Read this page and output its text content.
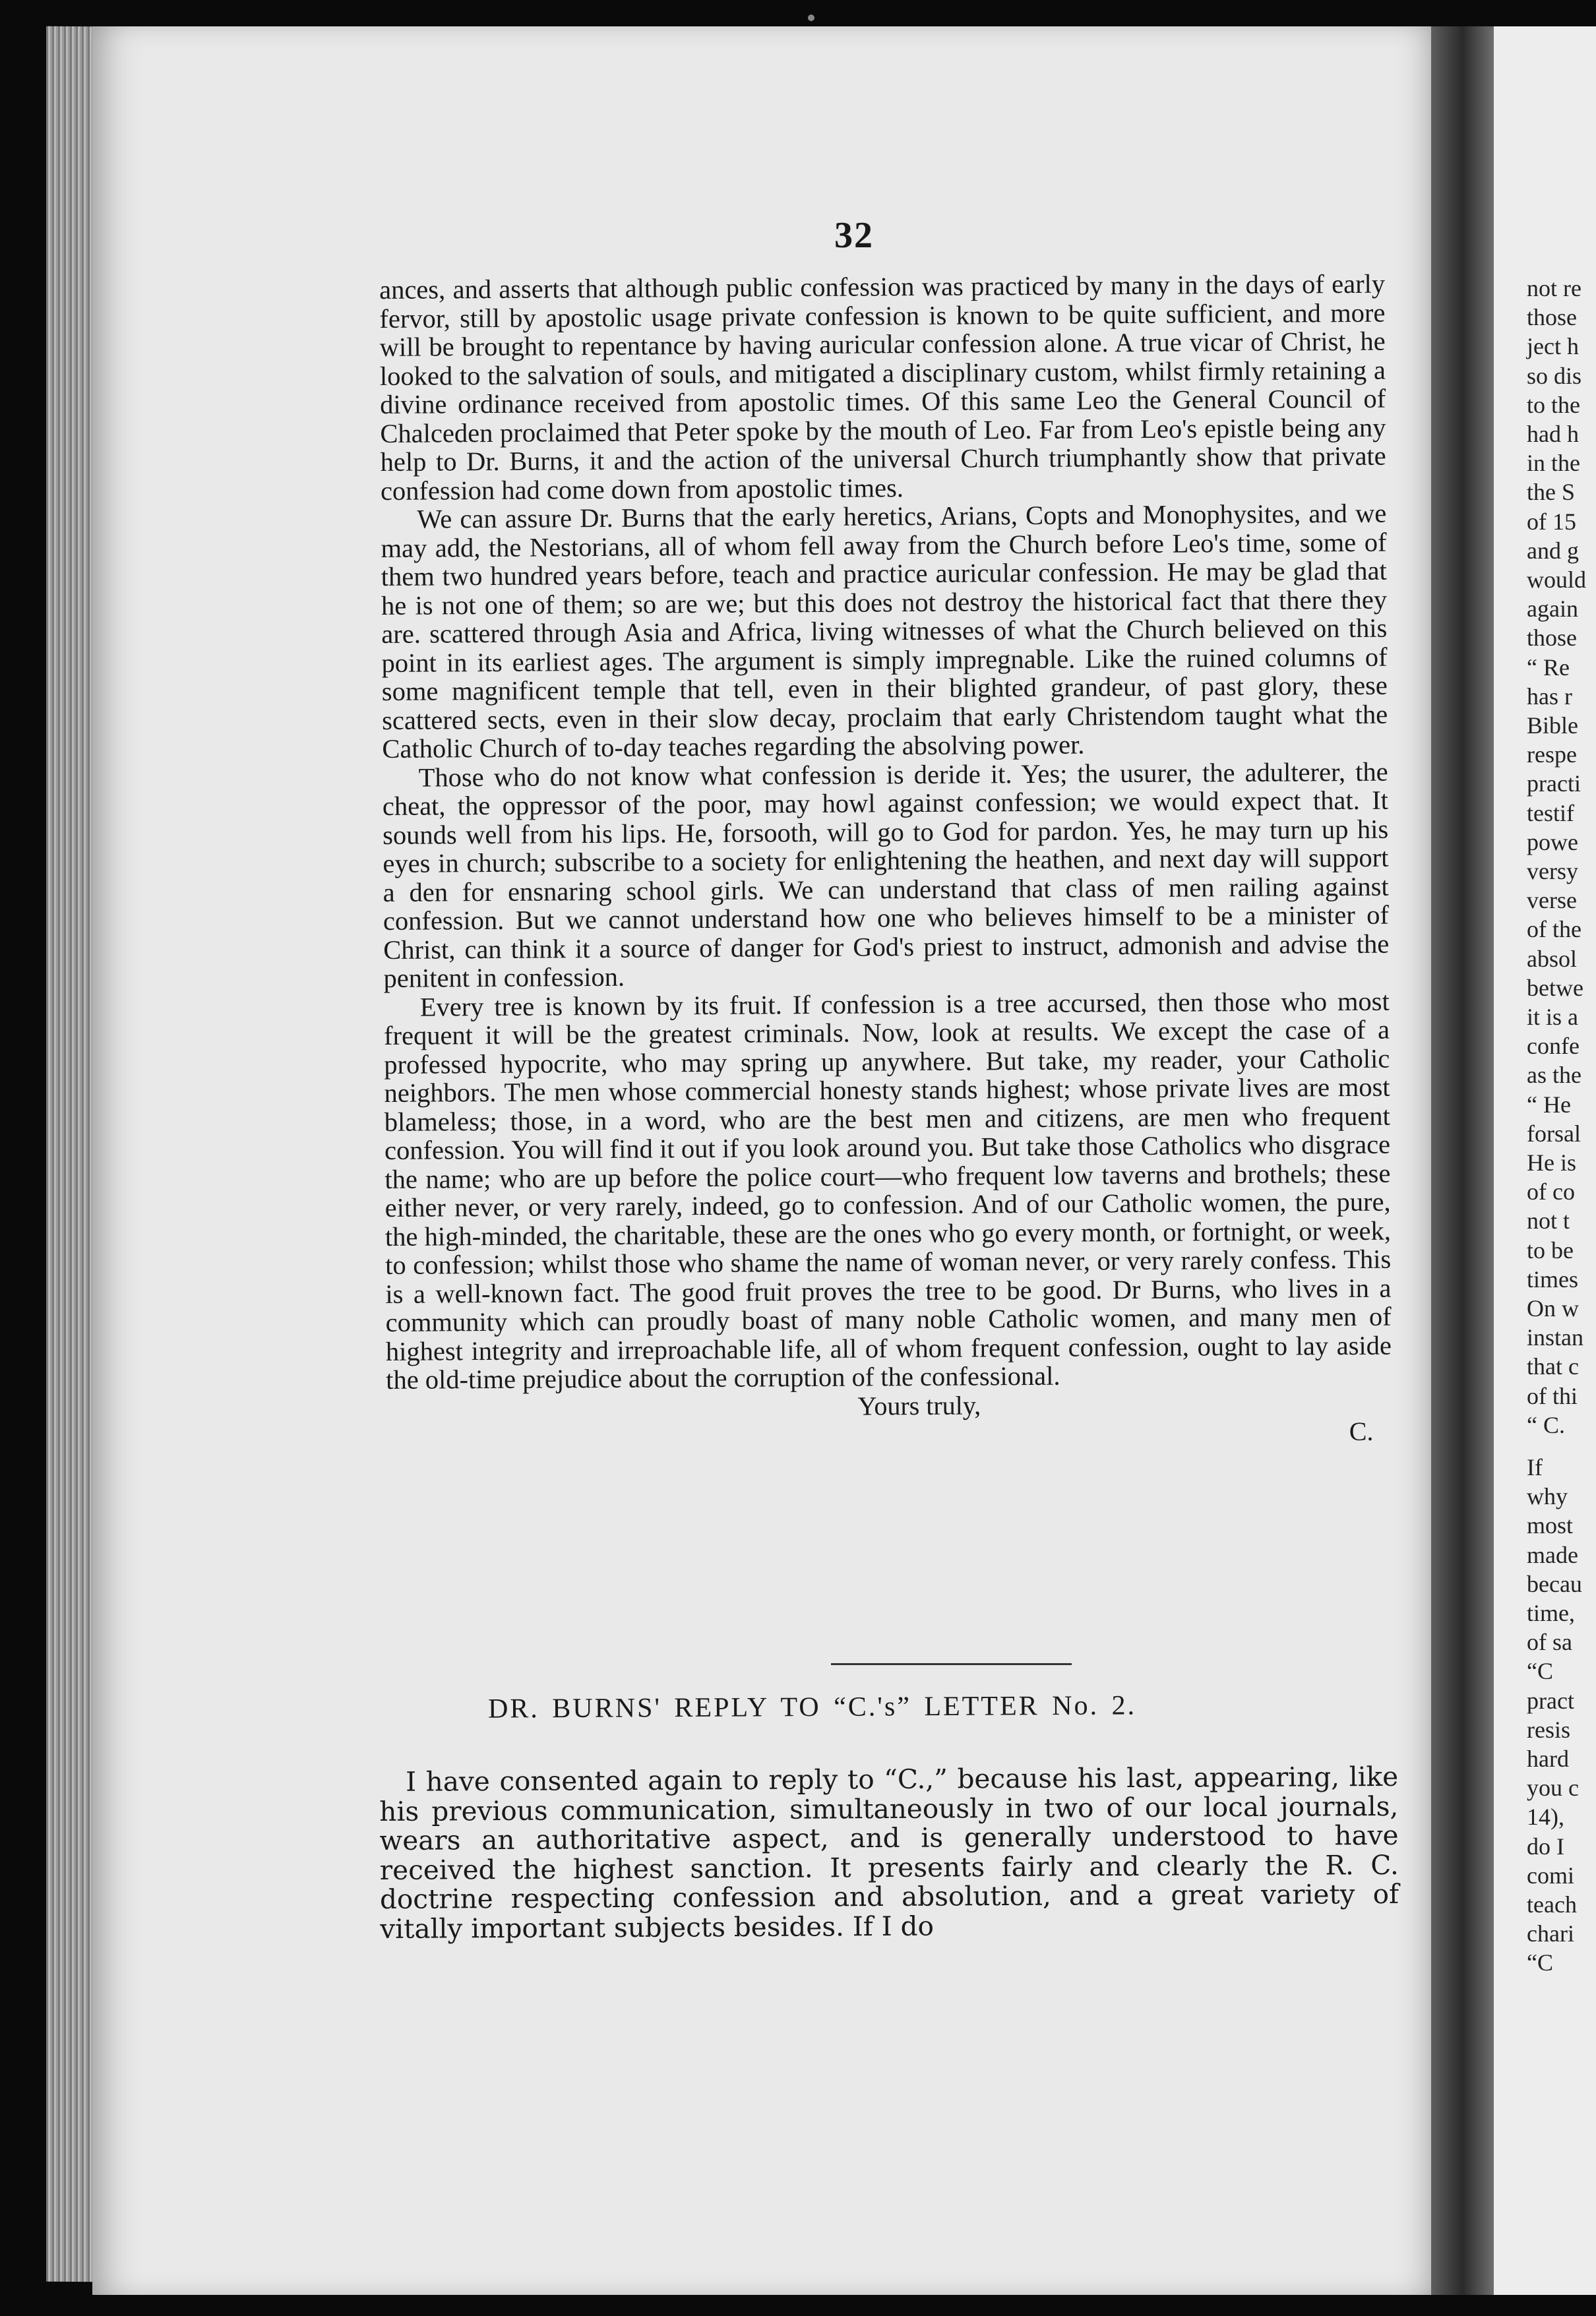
not re
those
ject h
so dis
to the
had h
in the
the S
of 15
and g
would
again
those
“ Re
has r
Bible
respe
practi
testif
powe
versy
verse
of the
absol
betwe
it is a
confe
as the
“ He
forsal
He is
of co
not t
to be
times
On w
instan
that c
of thi
“ C.
If
why
most
made
becau
time,
of sa
“C
pract
resis
hard
you c
14),
do I
comi
teach
chari
“C
32

ances, and asserts that although public confession was practiced by many in the days of early fervor, still by apostolic usage private confession is known to be quite sufficient, and more will be brought to repentance by having auricular confession alone. A true vicar of Christ, he looked to the salvation of souls, and mitigated a disciplinary custom, whilst firmly retaining a divine ordinance received from apostolic times. Of this same Leo the General Council of Chalceden proclaimed that Peter spoke by the mouth of Leo. Far from Leo's epistle being any help to Dr. Burns, it and the action of the universal Church triumphantly show that private confession had come down from apostolic times.

We can assure Dr. Burns that the early heretics, Arians, Copts and Monophysites, and we may add, the Nestorians, all of whom fell away from the Church before Leo's time, some of them two hundred years before, teach and practice auricular confession. He may be glad that he is not one of them; so are we; but this does not destroy the historical fact that there they are. scattered through Asia and Africa, living witnesses of what the Church believed on this point in its earliest ages. The argument is simply impregnable. Like the ruined columns of some magnificent temple that tell, even in their blighted grandeur, of past glory, these scattered sects, even in their slow decay, proclaim that early Christendom taught what the Catholic Church of to-day teaches regarding the absolving power.

Those who do not know what confession is deride it. Yes; the usurer, the adulterer, the cheat, the oppressor of the poor, may howl against confession; we would expect that. It sounds well from his lips. He, forsooth, will go to God for pardon. Yes, he may turn up his eyes in church; subscribe to a society for enlightening the heathen, and next day will support a den for ensnaring school girls. We can understand that class of men railing against confession. But we cannot understand how one who believes himself to be a minister of Christ, can think it a source of danger for God's priest to instruct, admonish and advise the penitent in confession.

Every tree is known by its fruit. If confession is a tree accursed, then those who most frequent it will be the greatest criminals. Now, look at results. We except the case of a professed hypocrite, who may spring up anywhere. But take, my reader, your Catholic neighbors. The men whose commercial honesty stands highest; whose private lives are most blameless; those, in a word, who are the best men and citizens, are men who frequent confession. You will find it out if you look around you. But take those Catholics who disgrace the name; who are up before the police court—who frequent low taverns and brothels; these either never, or very rarely, indeed, go to confession. And of our Catholic women, the pure, the high-minded, the charitable, these are the ones who go every month, or fortnight, or week, to confession; whilst those who shame the name of woman never, or very rarely confess. This is a well-known fact. The good fruit proves the tree to be good. Dr Burns, who lives in a community which can proudly boast of many noble Catholic women, and many men of highest integrity and irreproachable life, all of whom frequent confession, ought to lay aside the old-time prejudice about the corruption of the confessional.

Yours truly,
C.
DR. BURNS' REPLY TO “C.'s” LETTER No. 2.

I have consented again to reply to “C.,” because his last, appearing, like his previous communication, simultaneously in two of our local journals, wears an authoritative aspect, and is generally understood to have received the highest sanction. It presents fairly and clearly the R. C. doctrine respecting confession and absolution, and a great variety of vitally important subjects besides. If I do
